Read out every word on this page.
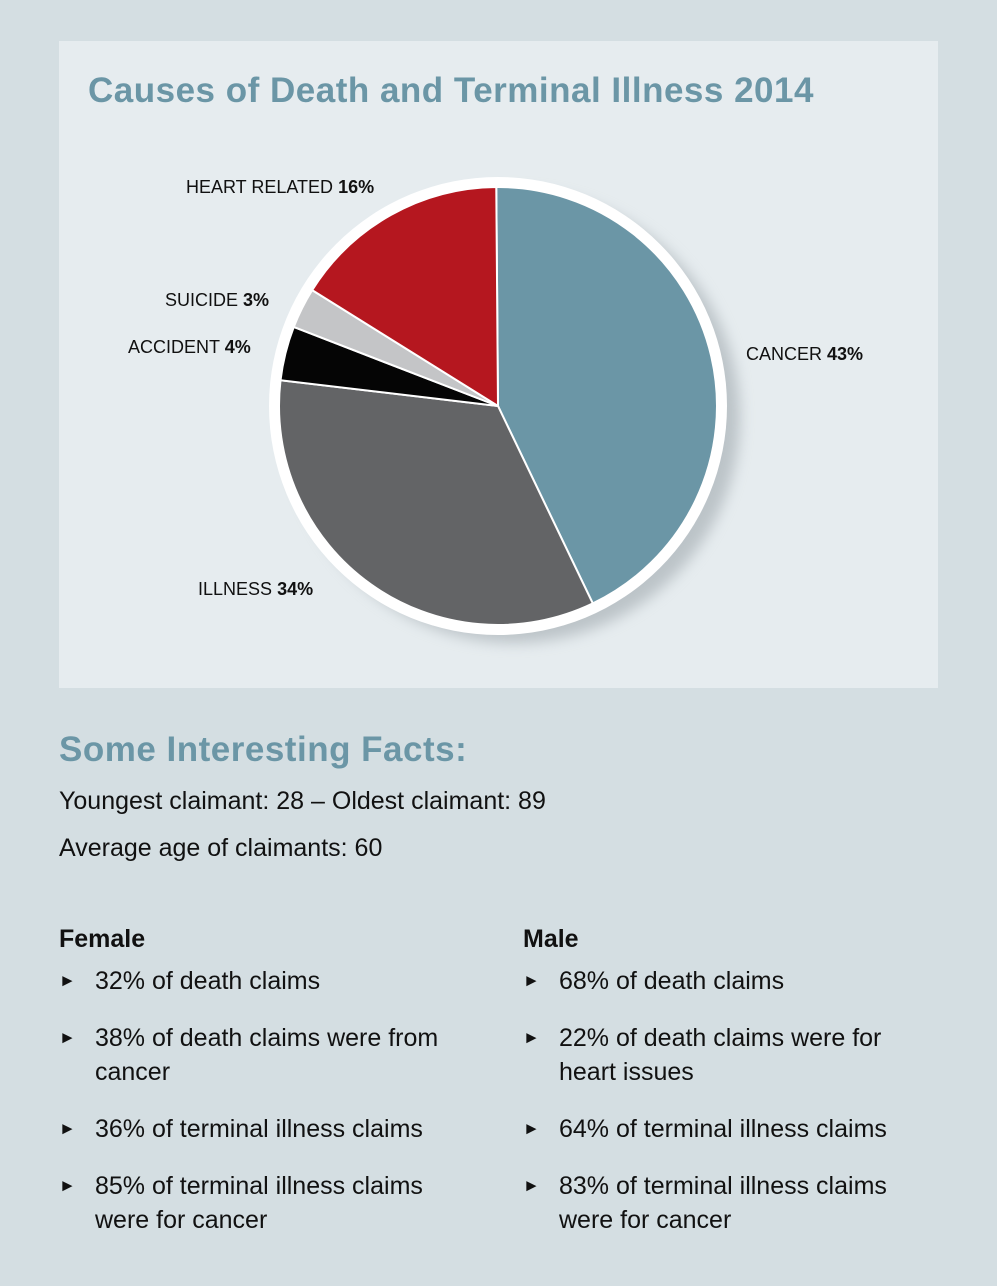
Causes of Death and Terminal Illness 2014
CANCER 43%
ILLNESS 34%
ACCIDENT 4%
SUICIDE 3%
HEART RELATED 16%
Some Interesting Facts:
Youngest claimant: 28 – Oldest claimant: 89
Average age of claimants: 60
Female
► 32% of death claims
► 38% of death claims were from cancer
► 36% of terminal illness claims
► 85% of terminal illness claims were for cancer
Male
► 68% of death claims
► 22% of death claims were for heart issues
► 64% of terminal illness claims
► 83% of terminal illness claims were for cancer
